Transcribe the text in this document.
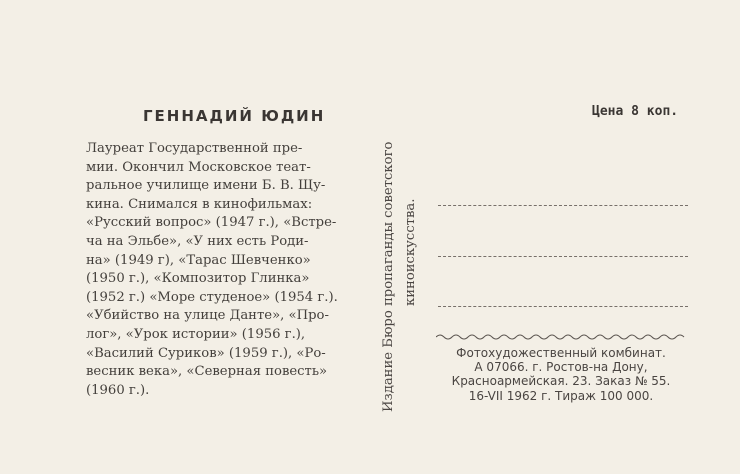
ГЕННАДИЙ ЮДИН
Лауреат Государственной пре-
мии. Окончил Московское теат-
ральное училище имени Б. В. Щу-
кина. Снимался в кинофильмах:
«Русский вопрос» (1947 г.), «Встре-
ча на Эльбе», «У них есть Роди-
на» (1949 г), «Тарас Шевченко»
(1950 г.), «Композитор Глинка»
(1952 г.) «Море студеное» (1954 г.).
«Убийство на улице Данте», «Про-
лог», «Урок истории» (1956 г.),
«Василий Суриков» (1959 г.), «Ро-
весник века», «Северная повесть»
(1960 г.).	Издание Бюро пропаганды советского киноискусства.
Цена 8 коп.
Фотохудожественный комбинат.
А 07066. г. Ростов-на Дону,
Красноармейская. 23. Заказ № 55.
16-VII 1962 г. Тираж 100 000.
